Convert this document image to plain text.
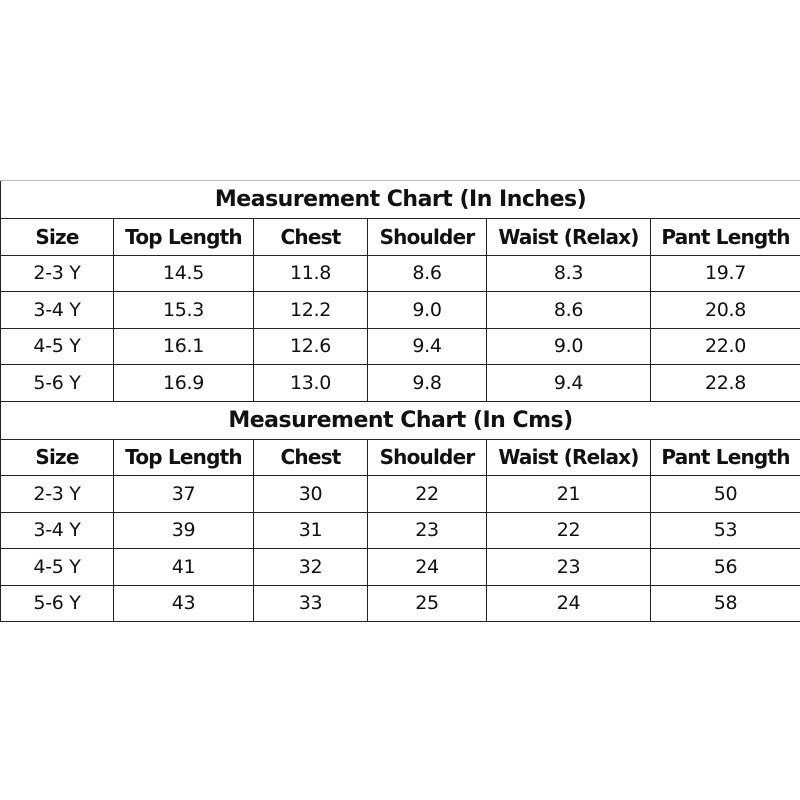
Measurement Chart (In Inches)					
Size	Top Length	Chest	Shoulder	Waist (Relax)	Pant Length
2-3 Y	14.5	11.8	8.6	8.3	19.7
3-4 Y	15.3	12.2	9.0	8.6	20.8
4-5 Y	16.1	12.6	9.4	9.0	22.0
5-6 Y	16.9	13.0	9.8	9.4	22.8
Measurement Chart (In Cms)					
Size	Top Length	Chest	Shoulder	Waist (Relax)	Pant Length
2-3 Y	37	30	22	21	50
3-4 Y	39	31	23	22	53
4-5 Y	41	32	24	23	56
5-6 Y	43	33	25	24	58
